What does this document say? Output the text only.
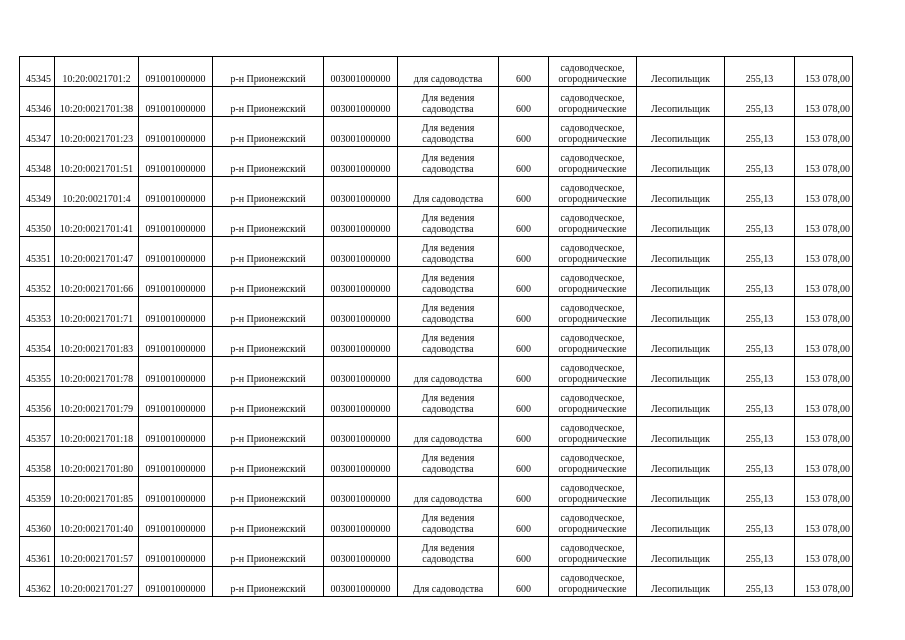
45345	10:20:0021701:2	091001000000	р-н Прионежский	003001000000	для садоводства	600	садоводческое, огороднические	Лесопильщик	255,13	153 078,00
45346	10:20:0021701:38	091001000000	р-н Прионежский	003001000000	Для ведения садоводства	600	садоводческое, огороднические	Лесопильщик	255,13	153 078,00
45347	10:20:0021701:23	091001000000	р-н Прионежский	003001000000	Для ведения садоводства	600	садоводческое, огороднические	Лесопильщик	255,13	153 078,00
45348	10:20:0021701:51	091001000000	р-н Прионежский	003001000000	Для ведения садоводства	600	садоводческое, огороднические	Лесопильщик	255,13	153 078,00
45349	10:20:0021701:4	091001000000	р-н Прионежский	003001000000	Для садоводства	600	садоводческое, огороднические	Лесопильщик	255,13	153 078,00
45350	10:20:0021701:41	091001000000	р-н Прионежский	003001000000	Для ведения садоводства	600	садоводческое, огороднические	Лесопильщик	255,13	153 078,00
45351	10:20:0021701:47	091001000000	р-н Прионежский	003001000000	Для ведения садоводства	600	садоводческое, огороднические	Лесопильщик	255,13	153 078,00
45352	10:20:0021701:66	091001000000	р-н Прионежский	003001000000	Для ведения садоводства	600	садоводческое, огороднические	Лесопильщик	255,13	153 078,00
45353	10:20:0021701:71	091001000000	р-н Прионежский	003001000000	Для ведения садоводства	600	садоводческое, огороднические	Лесопильщик	255,13	153 078,00
45354	10:20:0021701:83	091001000000	р-н Прионежский	003001000000	Для ведения садоводства	600	садоводческое, огороднические	Лесопильщик	255,13	153 078,00
45355	10:20:0021701:78	091001000000	р-н Прионежский	003001000000	для садоводства	600	садоводческое, огороднические	Лесопильщик	255,13	153 078,00
45356	10:20:0021701:79	091001000000	р-н Прионежский	003001000000	Для ведения садоводства	600	садоводческое, огороднические	Лесопильщик	255,13	153 078,00
45357	10:20:0021701:18	091001000000	р-н Прионежский	003001000000	для садоводства	600	садоводческое, огороднические	Лесопильщик	255,13	153 078,00
45358	10:20:0021701:80	091001000000	р-н Прионежский	003001000000	Для ведения садоводства	600	садоводческое, огороднические	Лесопильщик	255,13	153 078,00
45359	10:20:0021701:85	091001000000	р-н Прионежский	003001000000	для садоводства	600	садоводческое, огороднические	Лесопильщик	255,13	153 078,00
45360	10:20:0021701:40	091001000000	р-н Прионежский	003001000000	Для ведения садоводства	600	садоводческое, огороднические	Лесопильщик	255,13	153 078,00
45361	10:20:0021701:57	091001000000	р-н Прионежский	003001000000	Для ведения садоводства	600	садоводческое, огороднические	Лесопильщик	255,13	153 078,00
45362	10:20:0021701:27	091001000000	р-н Прионежский	003001000000	Для садоводства	600	садоводческое, огороднические	Лесопильщик	255,13	153 078,00
